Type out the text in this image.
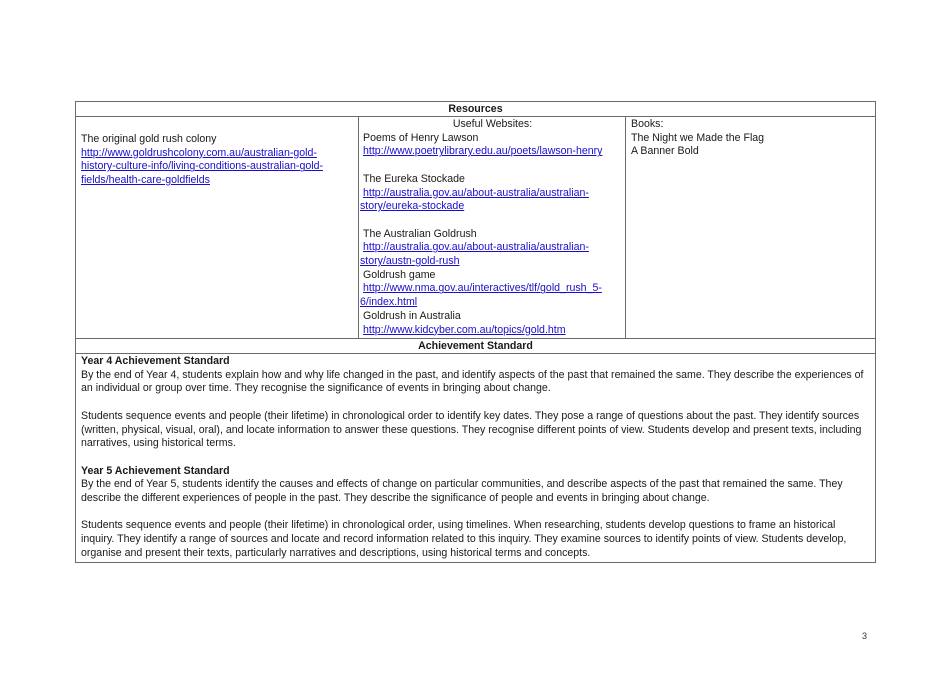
Resources
The original gold rush colony
http://www.goldrushcolony.com.au/australian-gold-
history-culture-info/living-conditions-australian-gold-
fields/health-care-goldfields
Useful Websites:
Poems of Henry Lawson
http://www.poetrylibrary.edu.au/poets/lawson-henry
The Eureka Stockade
http://australia.gov.au/about-australia/australian-
story/eureka-stockade
The Australian Goldrush
http://australia.gov.au/about-australia/australian-
story/austn-gold-rush
Goldrush game
http://www.nma.gov.au/interactives/tlf/gold_rush_5-
6/index.html
Goldrush in Australia
http://www.kidcyber.com.au/topics/gold.htm
Books:
The Night we Made the Flag
A Banner Bold
Achievement Standard
Year 4 Achievement Standard
By the end of Year 4, students explain how and why life changed in the past, and identify aspects of the past that remained the same. They describe the experiences of an individual or group over time. They recognise the significance of events in bringing about change.
Students sequence events and people (their lifetime) in chronological order to identify key dates. They pose a range of questions about the past. They identify sources (written, physical, visual, oral), and locate information to answer these questions. They recognise different points of view. Students develop and present texts, including narratives, using historical terms.
Year 5 Achievement Standard
By the end of Year 5, students identify the causes and effects of change on particular communities, and describe aspects of the past that remained the same. They describe the different experiences of people in the past. They describe the significance of people and events in bringing about change.
Students sequence events and people (their lifetime) in chronological order, using timelines. When researching, students develop questions to frame an historical inquiry. They identify a range of sources and locate and record information related to this inquiry. They examine sources to identify points of view. Students develop, organise and present their texts, particularly narratives and descriptions, using historical terms and concepts.
3
